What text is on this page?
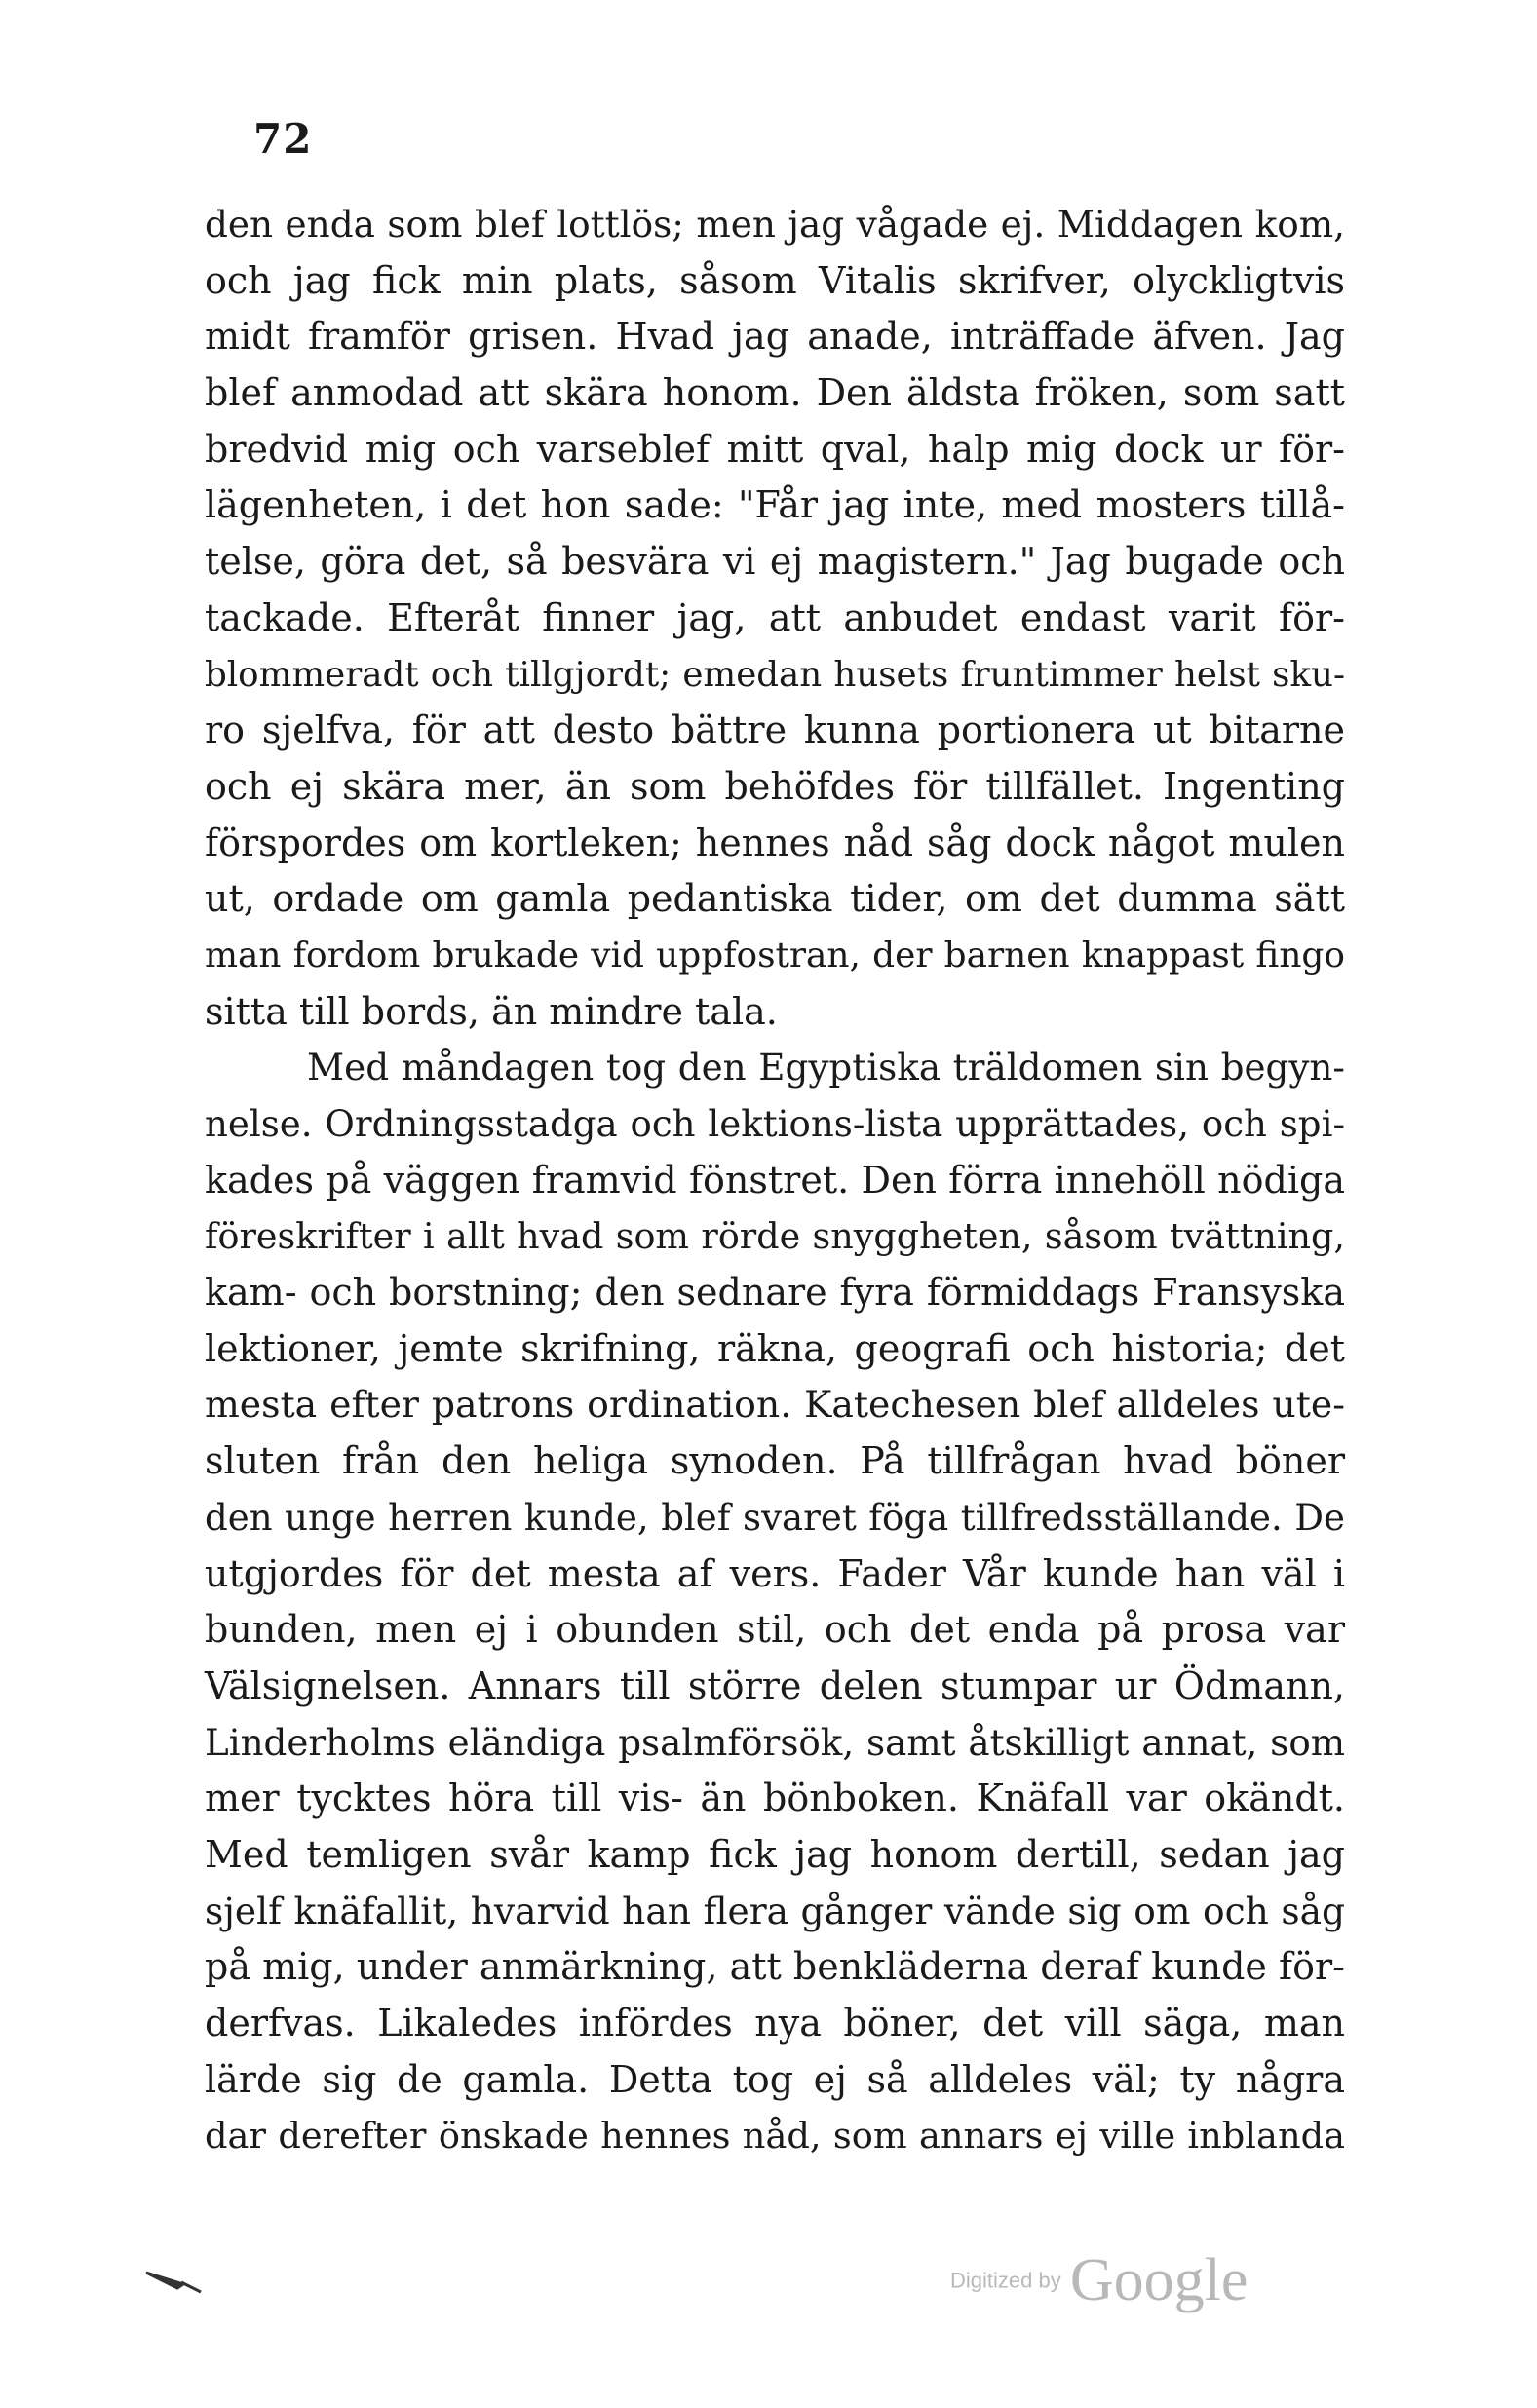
72
den enda som blef lottlös; men jag vågade ej. Middagen kom,
och jag fick min plats, såsom Vitalis skrifver, olyckligtvis
midt framför grisen. Hvad jag anade, inträffade äfven. Jag
blef anmodad att skära honom. Den äldsta fröken, som satt
bredvid mig och varseblef mitt qval, halp mig dock ur för-
lägenheten, i det hon sade: "Får jag inte, med mosters tillå-
telse, göra det, så besvära vi ej magistern." Jag bugade och
tackade. Efteråt finner jag, att anbudet endast varit för-
blommeradt och tillgjordt; emedan husets fruntimmer helst sku-
ro sjelfva, för att desto bättre kunna portionera ut bitarne
och ej skära mer, än som behöfdes för tillfället. Ingenting
förspordes om kortleken; hennes nåd såg dock något mulen
ut, ordade om gamla pedantiska tider, om det dumma sätt
man fordom brukade vid uppfostran, der barnen knappast fingo
sitta till bords, än mindre tala.
Med måndagen tog den Egyptiska träldomen sin begyn-
nelse. Ordningsstadga och lektions-lista upprättades, och spi-
kades på väggen framvid fönstret. Den förra innehöll nödiga
föreskrifter i allt hvad som rörde snyggheten, såsom tvättning,
kam- och borstning; den sednare fyra förmiddags Fransyska
lektioner, jemte skrifning, räkna, geografi och historia; det
mesta efter patrons ordination. Katechesen blef alldeles ute-
sluten från den heliga synoden. På tillfrågan hvad böner
den unge herren kunde, blef svaret föga tillfredsställande. De
utgjordes för det mesta af vers. Fader Vår kunde han väl i
bunden, men ej i obunden stil, och det enda på prosa var
Välsignelsen. Annars till större delen stumpar ur Ödmann,
Linderholms eländiga psalmförsök, samt åtskilligt annat, som
mer tycktes höra till vis- än bönboken. Knäfall var okändt.
Med temligen svår kamp fick jag honom dertill, sedan jag
sjelf knäfallit, hvarvid han flera gånger vände sig om och såg
på mig, under anmärkning, att benkläderna deraf kunde för-
derfvas. Likaledes infördes nya böner, det vill säga, man
lärde sig de gamla. Detta tog ej så alldeles väl; ty några
dar derefter önskade hennes nåd, som annars ej ville inblanda
Digitized by Google
